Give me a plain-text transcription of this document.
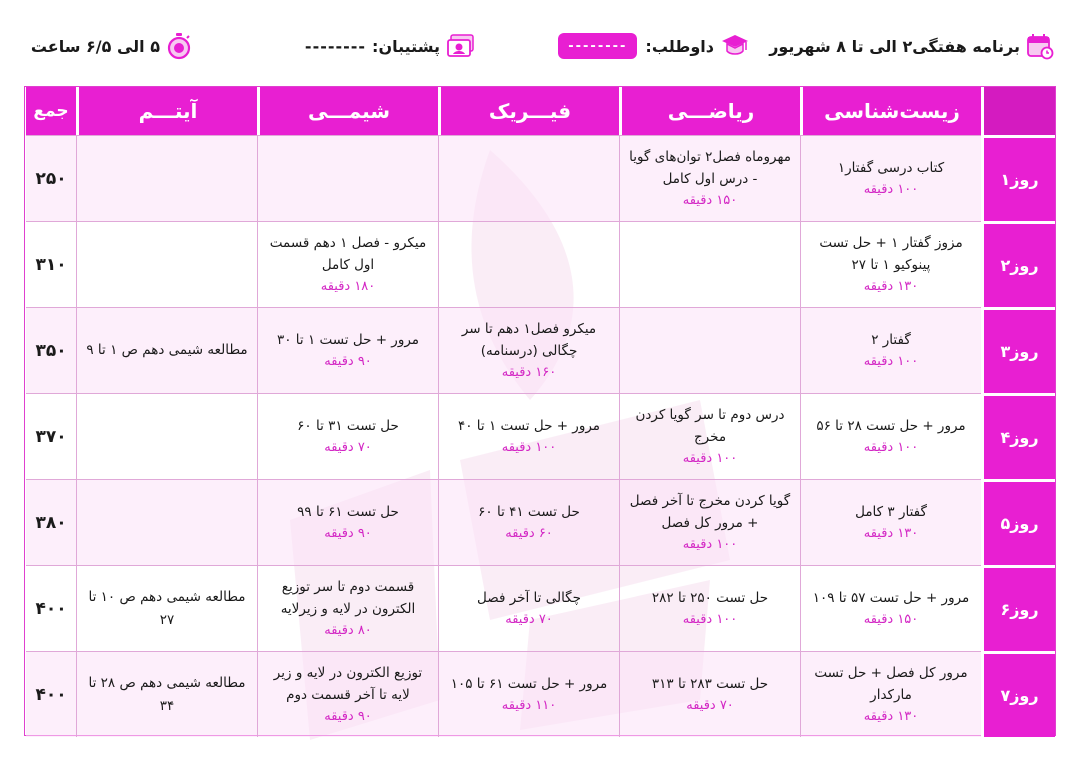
برنامه هفتگی۲ الی تا ۸ شهریور
داوطلب:
--------
پشتیبان:
--------
۵ الی ۶/۵ ساعت
زیست‌شناسی
ریاضـــی
فیـــریک
شیمـــی
آیتـــم
جمع
روز۱
کتاب درسی گفتار۱
۱۰۰ دقیقه
مهروماه فصل۲ توان‌های گویا - درس اول کامل
۱۵۰ دقیقه
۲۵۰
روز۲
مزوز گفتار ۱ + حل تست پینوکیو ۱ تا ۲۷
۱۳۰ دقیقه
میکرو - فصل ۱ دهم قسمت اول کامل
۱۸۰ دقیقه
۳۱۰
روز۳
گفتار ۲
۱۰۰ دقیقه
میکرو فصل۱ دهم تا سر چگالی (درسنامه)
۱۶۰ دقیقه
مرور + حل تست ۱ تا ۳۰
۹۰ دقیقه
مطالعه شیمی دهم ص ۱ تا ۹
۳۵۰
روز۴
مرور + حل تست ۲۸ تا ۵۶
۱۰۰ دقیقه
درس دوم تا سر گویا کردن مخرج
۱۰۰ دقیقه
مرور + حل تست ۱ تا ۴۰
۱۰۰ دقیقه
حل تست ۳۱ تا ۶۰
۷۰ دقیقه
۳۷۰
روز۵
گفتار ۳ کامل
۱۳۰ دقیقه
گویا کردن مخرج تا آخر فصل + مرور کل فصل
۱۰۰ دقیقه
حل تست ۴۱ تا ۶۰
۶۰ دقیقه
حل تست ۶۱ تا ۹۹
۹۰ دقیقه
۳۸۰
روز۶
مرور + حل تست ۵۷ تا ۱۰۹
۱۵۰ دقیقه
حل تست ۲۵۰ تا ۲۸۲
۱۰۰ دقیقه
چگالی تا آخر فصل
۷۰ دقیقه
قسمت دوم تا سر توزیع الکترون در لایه و زیرلایه
۸۰ دقیقه
مطالعه شیمی دهم ص ۱۰ تا ۲۷
۴۰۰
روز۷
مرور کل فصل + حل تست مارکدار
۱۳۰ دقیقه
حل تست ۲۸۳ تا ۳۱۳
۷۰ دقیقه
مرور + حل تست ۶۱ تا ۱۰۵
۱۱۰ دقیقه
توزیع الکترون در لایه و زیر لایه تا آخر قسمت دوم
۹۰ دقیقه
مطالعه شیمی دهم ص ۲۸ تا ۳۴
۴۰۰
